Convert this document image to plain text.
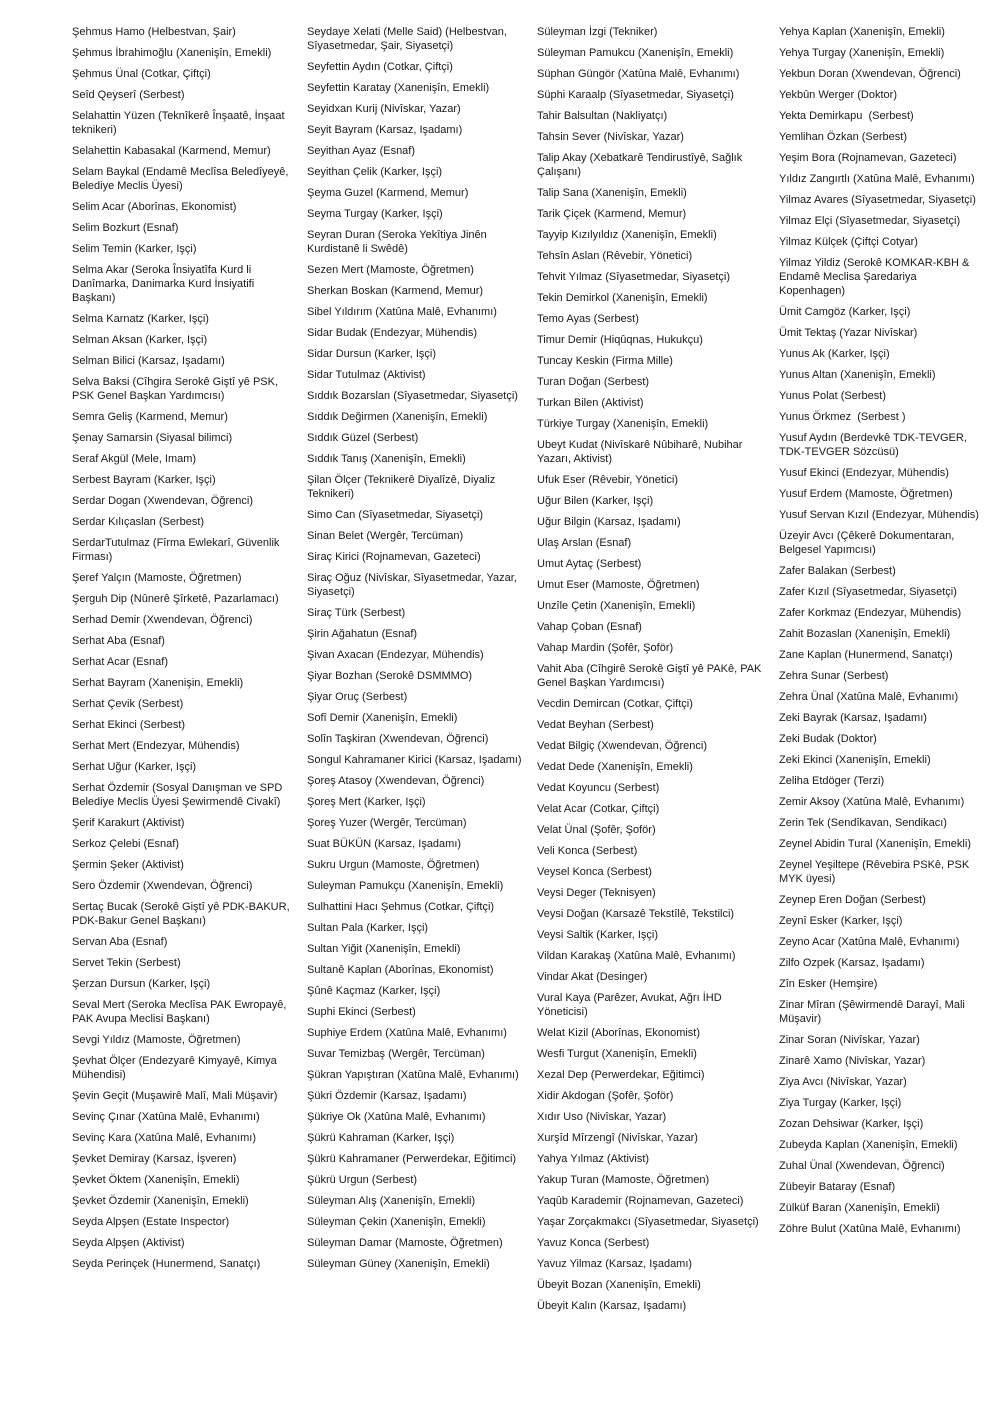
Şehmus Hamo (Helbestvan, Şair)

Şehmus İbrahimoğlu (Xanenişîn, Emekli)

Şehmus Ünal (Cotkar, Çiftçi)

Seîd Qeyserî (Serbest)

Selahattin Yüzen (Teknîkerê Înşaatê, İnşaat teknikeri)

Selahettin Kabasakal (Karmend, Memur)

Selam Baykal (Endamê Meclîsa Beledîyeyê, Belediye Meclis Üyesi)

Selim Acar (Aborînas, Ekonomist)

Selim Bozkurt (Esnaf)

Selim Temin (Karker, Işçi)

Selma Akar (Seroka Însiyatîfa Kurd li Danîmarka, Danimarka Kurd İnsiyatifi Başkanı)

Selma Karnatz (Karker, Işçi)

Selman Aksan (Karker, Işçi)

Selman Bilici (Karsaz, Işadamı)

Selva Baksi (Cîhgira Serokê Giştî yê PSK, PSK Genel Başkan Yardımcısı)

Semra Geliş (Karmend, Memur)

Şenay Samarsin (Siyasal bilimci)

Seraf Akgül (Mele, Imam)

Serbest Bayram (Karker, Işçi)

Serdar Dogan (Xwendevan, Öğrenci)

Serdar Kılıçaslan (Serbest)

SerdarTutulmaz (Fîrma Ewlekarî, Güvenlik Firması)

Şeref Yalçın (Mamoste, Öğretmen)

Şerguh Dip (Nûnerê Şîrketê, Pazarlamacı)

Serhad Demir (Xwendevan, Öğrenci)

Serhat Aba (Esnaf)

Serhat Acar (Esnaf)

Serhat Bayram (Xanenişin, Emekli)

Serhat Çevik (Serbest)

Serhat Ekinci (Serbest)

Serhat Mert (Endezyar, Mühendis)

Serhat Uğur (Karker, Işçi)

Serhat Özdemir (Sosyal Danışman ve SPD Belediye Meclis Üyesi Şewirmendê Civakî)

Şerif Karakurt (Aktivist)

Serkoz Çelebi (Esnaf)

Şermin Şeker (Aktivist)

Sero Özdemir (Xwendevan, Öğrenci)

Sertaç Bucak (Serokê Giştî yê PDK-BAKUR, PDK-Bakur Genel Başkanı)

Servan Aba (Esnaf)

Servet Tekin (Serbest)

Şerzan Dursun (Karker, Işçi)

Seval Mert (Seroka Meclîsa PAK Ewropayê, PAK Avupa Meclisi Başkanı)

Sevgi Yıldız (Mamoste, Öğretmen)

Şevhat Ölçer (Endezyarê Kimyayê, Kimya Mühendisi)

Şevin Geçit (Muşawirê Malî, Mali Müşavir)

Sevinç Çınar (Xatûna Malê, Evhanımı)

Sevinç Kara (Xatûna Malê, Evhanımı)

Şevket Demiray (Karsaz, İşveren)

Şevket Öktem (Xanenişîn, Emekli)

Şevket Özdemir (Xanenişîn, Emekli)

Seyda Alpşen (Estate Inspector)

Seyda Alpşen (Aktivist)

Seyda Perinçek (Hunermend, Sanatçı)

Seydaye Xelati (Melle Said) (Helbestvan, Sîyasetmedar, Şair, Siyasetçi)

Seyfettin Aydın (Cotkar, Çiftçi)

Seyfettin Karatay (Xanenişîn, Emekli)

Seyidxan Kurij (Nivîskar, Yazar)

Seyit Bayram (Karsaz, Işadamı)

Seyithan Ayaz (Esnaf)

Seyithan Çelik (Karker, Işçi)

Şeyma Guzel (Karmend, Memur)

Seyma Turgay (Karker, Işçi)

Seyran Duran (Seroka Yekîtiya Jinên Kurdistanê li Swêdê)

Sezen Mert (Mamoste, Öğretmen)

Sherkan Boskan (Karmend, Memur)

Sibel Yıldırım (Xatûna Malê, Evhanımı)

Sidar Budak (Endezyar, Mühendis)

Sidar Dursun (Karker, Işçi)

Sidar Tutulmaz (Aktivist)

Sıddık Bozarslan (Sîyasetmedar, Siyasetçi)

Sıddık Değirmen (Xanenişîn, Emekli)

Sıddık Güzel (Serbest)

Sıddık Tanış (Xanenişîn, Emekli)

Şilan Ölçer (Teknikerê Diyalîzê, Diyaliz Teknikeri)

Simo Can (Sîyasetmedar, Siyasetçi)

Sinan Belet (Wergêr, Tercüman)

Siraç Kirici (Rojnamevan, Gazeteci)

Siraç Oğuz (Nivîskar, Sîyasetmedar, Yazar, Siyasetçi)

Siraç Türk (Serbest)

Şirin Ağahatun (Esnaf)

Şivan Axacan (Endezyar, Mühendis)

Şiyar Bozhan (Serokê DSMMMO)

Şiyar Oruç (Serbest)

Sofî Demir (Xanenişîn, Emekli)

Solîn Taşkiran (Xwendevan, Öğrenci)

Songul Kahramaner Kirici (Karsaz, Işadamı)

Şoreş Atasoy (Xwendevan, Öğrenci)

Şoreş Mert (Karker, Işçi)

Şoreş Yuzer (Wergêr, Tercüman)

Suat BÜKÜN (Karsaz, Işadamı)

Sukru Urgun (Mamoste, Öğretmen)

Suleyman Pamukçu (Xanenişîn, Emekli)

Sulhattini Hacı Şehmus (Cotkar, Çiftçi)

Sultan Pala (Karker, Işçi)

Sultan Yiğit (Xanenişîn, Emekli)

Sultanê Kaplan (Aborînas, Ekonomist)

Şûnê Kaçmaz (Karker, Işçi)

Suphi Ekinci (Serbest)

Suphiye Erdem (Xatûna Malê, Evhanımı)

Suvar Temizbaş (Wergêr, Tercüman)

Şükran Yapıştıran (Xatûna Malê, Evhanımı)

Şükri Özdemir (Karsaz, Işadamı)

Şükriye Ok (Xatûna Malê, Evhanımı)

Şükrü Kahraman (Karker, Işçi)

Şükrü Kahramaner (Perwerdekar, Eğitimci)

Şükrü Urgun (Serbest)

Süleyman Alış (Xanenişîn, Emekli)

Süleyman Çekin (Xanenişîn, Emekli)

Süleyman Damar (Mamoste, Öğretmen)

Süleyman Güney (Xanenişîn, Emekli)

Süleyman İzgi (Tekniker)

Süleyman Pamukcu (Xanenişîn, Emekli)

Süphan Güngör (Xatûna Malê, Evhanımı)

Süphi Karaalp (Sîyasetmedar, Siyasetçi)

Tahir Balsultan (Nakliyatçı)

Tahsin Sever (Nivîskar, Yazar)

Talip Akay (Xebatkarê Tendirustîyê, Sağlık Çalışanı)

Talip Sana (Xanenişîn, Emekli)

Tarik Çiçek (Karmend, Memur)

Tayyip Kızılyıldız (Xanenişîn, Emekli)

Tehsîn Aslan (Rêvebir, Yönetici)

Tehvit Yılmaz (Sîyasetmedar, Siyasetçi)

Tekin Demirkol (Xanenişîn, Emekli)

Temo Ayas (Serbest)

Timur Demir (Hiqûqnas, Hukukçu)

Tuncay Keskin (Firma Mille)

Turan Doğan (Serbest)

Turkan Bilen (Aktivist)

Türkiye Turgay (Xanenişîn, Emekli)

Ubeyt Kudat (Nivîskarê Nûbiharê, Nubihar Yazarı, Aktivist)

Ufuk Eser (Rêvebir, Yönetici)

Uğur Bilen (Karker, Işçi)

Uğur Bilgin (Karsaz, Işadamı)

Ulaş Arslan (Esnaf)

Umut Aytaç (Serbest)

Umut Eser (Mamoste, Öğretmen)

Unzîle Çetin (Xanenişîn, Emekli)

Vahap Çoban (Esnaf)

Vahap Mardin (Şofêr, Şoför)

Vahit Aba (Cîhgirê Serokê Giştî yê PAKê, PAK Genel Başkan Yardımcısı)

Vecdin Demircan (Cotkar, Çiftçi)

Vedat Beyhan (Serbest)

Vedat Bilgiç (Xwendevan, Öğrenci)

Vedat Dede (Xanenişîn, Emekli)

Vedat Koyuncu (Serbest)

Velat Acar (Cotkar, Çiftçi)

Velat Ünal (Şofêr, Şoför)

Veli Konca (Serbest)

Veysel Konca (Serbest)

Veysi Deger (Teknisyen)

Veysi Doğan (Karsazê Tekstîlê, Tekstilci)

Veysi Saltik (Karker, Işçi)

Vildan Karakaş (Xatûna Malê, Evhanımı)

Vindar Akat (Desinger)

Vural Kaya (Parêzer, Avukat, Ağrı İHD Yöneticisi)

Welat Kizil (Aborînas, Ekonomist)

Wesfi Turgut (Xanenişîn, Emekli)

Xezal Dep (Perwerdekar, Eğitimci)

Xidir Akdogan (Şofêr, Şoför)

Xıdır Uso (Nivîskar, Yazar)

Xurşîd Mîrzengî (Nivîskar, Yazar)

Yahya Yılmaz (Aktivist)

Yakup Turan (Mamoste, Öğretmen)

Yaqûb Karademir (Rojnamevan, Gazeteci)

Yaşar Zorçakmakcı (Sîyasetmedar, Siyasetçi)

Yavuz Konca (Serbest)

Yavuz Yilmaz (Karsaz, Işadamı)

Übeyit Bozan (Xanenişîn, Emekli)

Übeyit Kalın (Karsaz, Işadamı)

Yehya Kaplan (Xanenişîn, Emekli)

Yehya Turgay (Xanenişîn, Emekli)

Yekbun Doran (Xwendevan, Öğrenci)

Yekbûn Werger (Doktor)

Yekta Demirkapu  (Serbest)

Yemlihan Özkan (Serbest)

Yeşim Bora (Rojnamevan, Gazeteci)

Yıldız Zangırtlı (Xatûna Malê, Evhanımı)

Yilmaz Avares (Sîyasetmedar, Siyasetçi)

Yilmaz Elçi (Sîyasetmedar, Siyasetçi)

Yilmaz Külçek (Çiftçi Cotyar)

Yilmaz Yildiz (Serokê KOMKAR-KBH & Endamê Meclisa Şaredariya Kopenhagen)

Ümit Camgöz (Karker, Işçi)

Ümit Tektaş (Yazar Nivîskar)

Yunus Ak (Karker, Işçi)

Yunus Altan (Xanenişîn, Emekli)

Yunus Polat (Serbest)

Yunus Örkmez  (Serbest )

Yusuf Aydın (Berdevkê TDK-TEVGER, TDK-TEVGER Sözcüsü)

Yusuf Ekinci (Endezyar, Mühendis)

Yusuf Erdem (Mamoste, Öğretmen)

Yusuf Servan Kızıl (Endezyar, Mühendis)

Üzeyir Avcı (Çêkerê Dokumentaran, Belgesel Yapımcısı)

Zafer Balakan (Serbest)

Zafer Kızıl (Sîyasetmedar, Siyasetçi)

Zafer Korkmaz (Endezyar, Mühendis)

Zahit Bozaslan (Xanenişîn, Emekli)

Zane Kaplan (Hunermend, Sanatçı)

Zehra Sunar (Serbest)

Zehra Ünal (Xatûna Malê, Evhanımı)

Zeki Bayrak (Karsaz, Işadamı)

Zeki Budak (Doktor)

Zeki Ekinci (Xanenişîn, Emekli)

Zeliha Etdöger (Terzi)

Zemir Aksoy (Xatûna Malê, Evhanımı)

Zerin Tek (Sendîkavan, Sendikacı)

Zeynel Abidin Tural (Xanenişîn, Emekli)

Zeynel Yeşiltepe (Rêvebira PSKê, PSK MYK üyesi)

Zeynep Eren Doğan (Serbest)

Zeynî Esker (Karker, Işçi)

Zeyno Acar (Xatûna Malê, Evhanımı)

Zilfo Ozpek (Karsaz, Işadamı)

Zîn Esker (Hemşire)

Zinar Mîran (Şêwirmendê Darayî, Mali Müşavir)

Zinar Soran (Nivîskar, Yazar)

Zinarê Xamo (Nivîskar, Yazar)

Ziya Avcı (Nivîskar, Yazar)

Ziya Turgay (Karker, Işçi)

Zozan Dehsiwar (Karker, Işçi)

Zubeyda Kaplan (Xanenişîn, Emekli)

Zuhal Ünal (Xwendevan, Öğrenci)

Zübeyir Bataray (Esnaf)

Zülküf Baran (Xanenişîn, Emekli)

Zöhre Bulut (Xatûna Malê, Evhanımı)
